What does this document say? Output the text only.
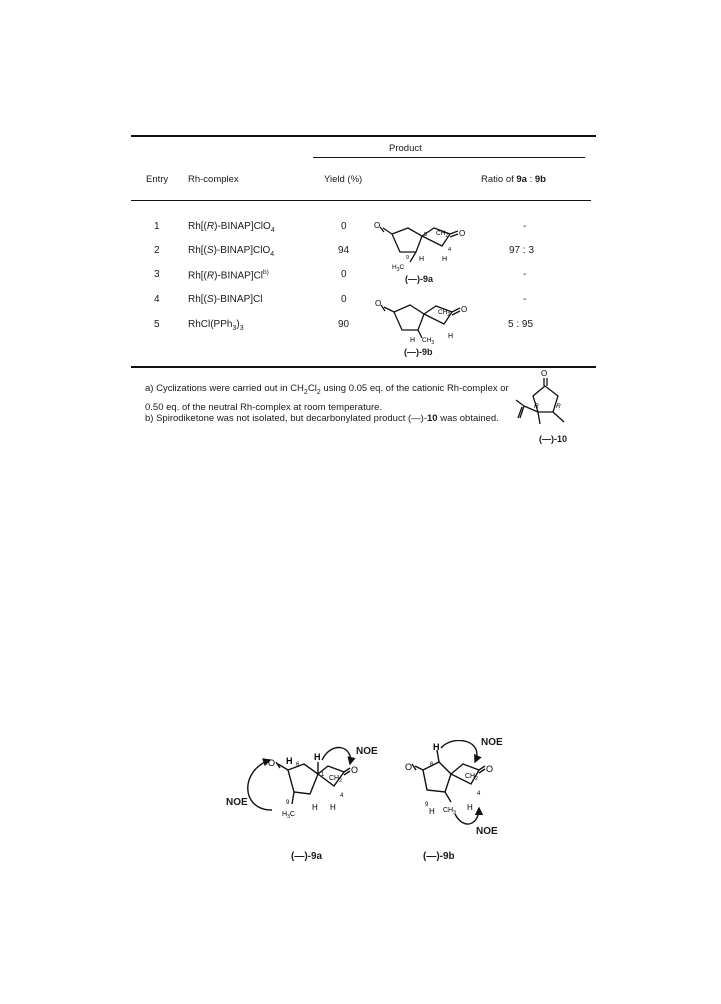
Product
Entry Rh-complex	Yield (%)	Ratio of 9a : 9b
1	Rh[(R)-BINAP]ClO$_4$	0	-
2	Rh[(S)-BINAP]ClO$_4$	94	97 : 3
3	Rh[(R)-BINAP]Cl$^{b)}$	0	-
4	Rh[(S)-BINAP]Cl	0	-
5	$RhCl(PPh_3)_3$	90	5 : 95
O
O
5 $CH_2$
4
9 H	H
$H_3C$
(—)-9a
O
O
$CH_2$
H $CH_3$
H
(—)-9b
a) Cyclizations were carried out in $CH_2Cl_2$ using 0.05 eq. of the cationic Rh-complex or 0.50 eq. of the neutral Rh-complex at room temperature.
b) Spirodiketone was not isolated, but decarbonylated product (—)-10 was obtained.
O
R	R
(—)-10
O
O
H 6
H
1 $CH_2$
4
9	H H
$H_3C$
NOE
NOE
(—)-9a
O	O
H
6
$CH_2$
4
9
H $CH_3$
H
NOE
NOE
(—)-9b
